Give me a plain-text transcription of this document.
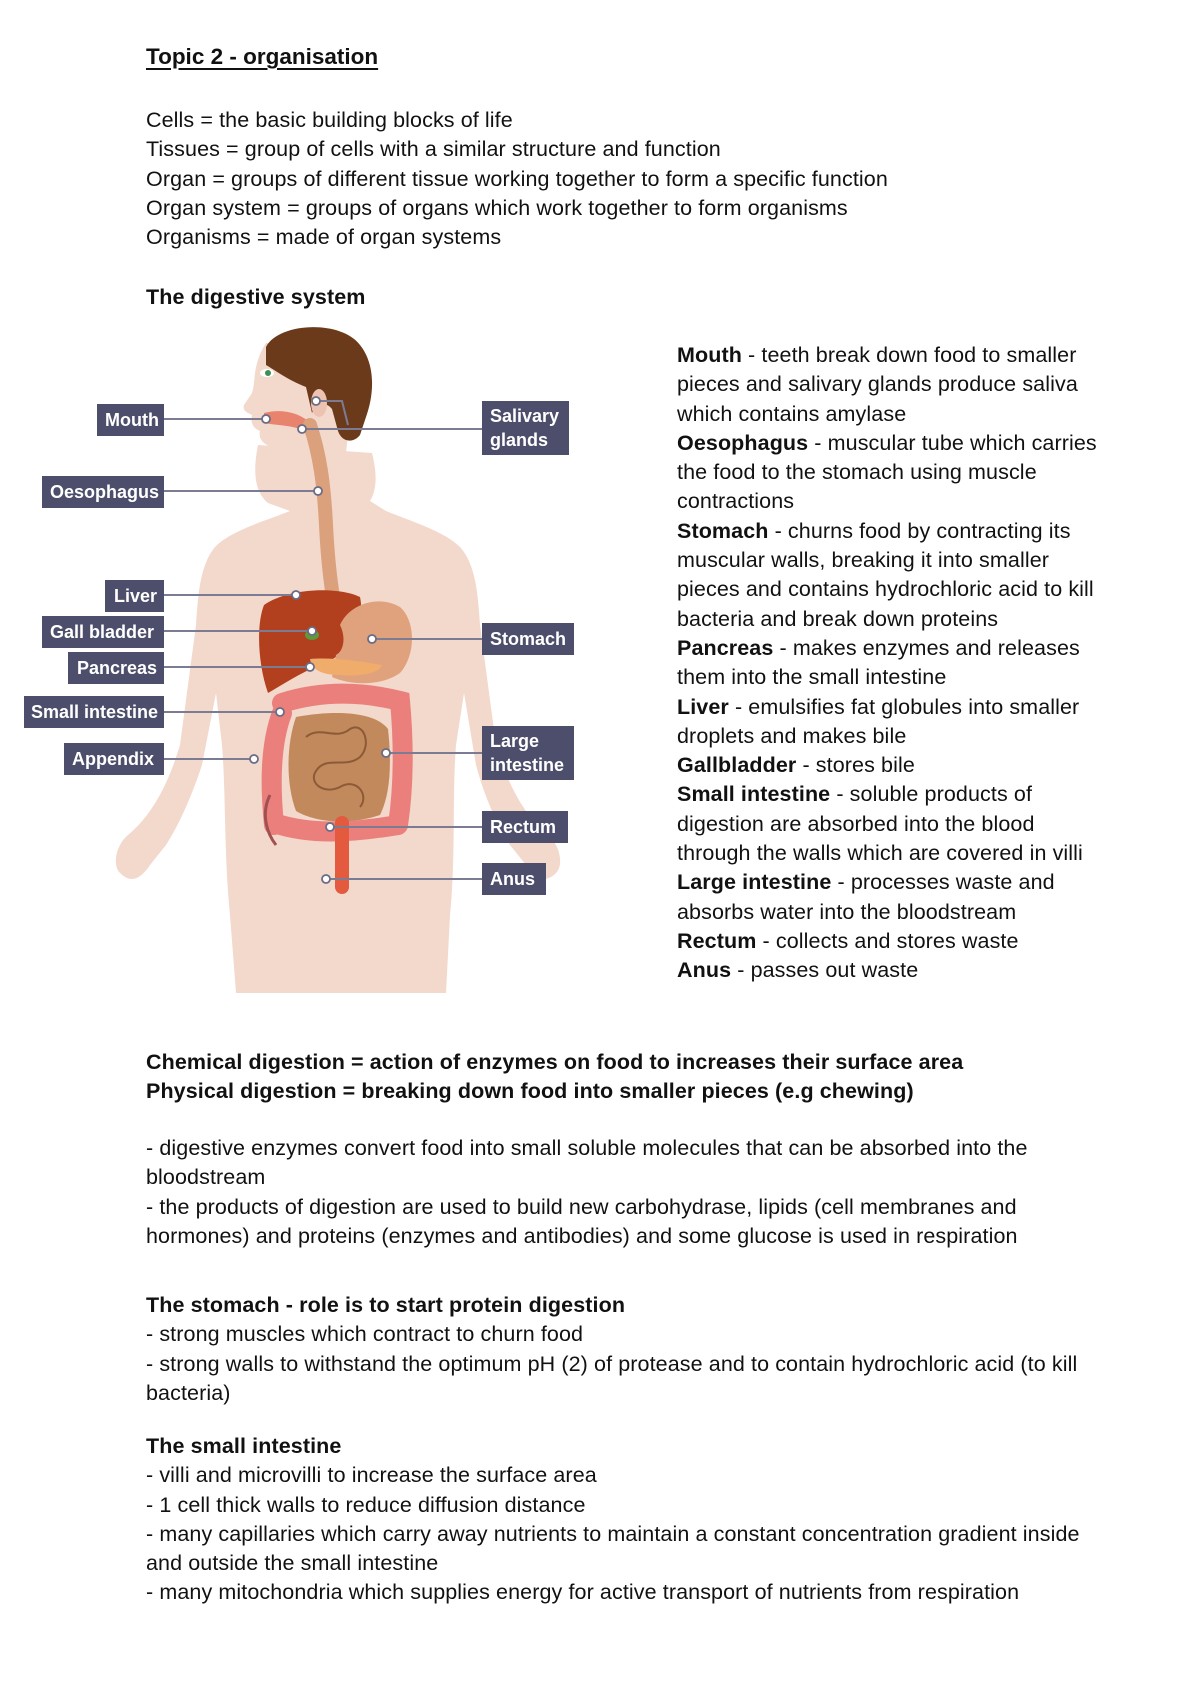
Topic 2 - organisation
Cells = the basic building blocks of life
Tissues = group of cells with a similar structure and function
Organ = groups of different tissue working together to form a specific function
Organ system = groups of organs which work together to form organisms
Organisms = made of organ systems
The digestive system
Mouth
Oesophagus
Liver
Gall bladder
Pancreas
Small intestine
Appendix
Salivary
glands
Stomach
Large
intestine
Rectum
Anus

Mouth - teeth break down food to smaller pieces and salivary glands produce saliva which contains amylase

Oesophagus - muscular tube which carries the food to the stomach using muscle contractions

Stomach - churns food by contracting its muscular walls, breaking it into smaller pieces and contains hydrochloric acid to kill bacteria and break down proteins

Pancreas - makes enzymes and releases them into the small intestine

Liver - emulsifies fat globules into smaller droplets and makes bile

Gallbladder - stores bile

Small intestine - soluble products of digestion are absorbed into the blood through the walls which are covered in villi

Large intestine - processes waste and absorbs water into the bloodstream

Rectum - collects and stores waste

Anus - passes out waste

Chemical digestion = action of enzymes on food to increases their surface area

Physical digestion = breaking down food into smaller pieces (e.g chewing)

- digestive enzymes convert food into small soluble molecules that can be absorbed into the bloodstream

- the products of digestion are used to build new carbohydrase, lipids (cell membranes and hormones) and proteins (enzymes and antibodies) and some glucose is used in respiration

The stomach - role is to start protein digestion

- strong muscles which contract to churn food

- strong walls to withstand the optimum pH (2) of protease and to contain hydrochloric acid (to kill bacteria)

The small intestine

- villi and microvilli to increase the surface area

- 1 cell thick walls to reduce diffusion distance

- many capillaries which carry away nutrients to maintain a constant concentration gradient inside and outside the small intestine

- many mitochondria which supplies energy for active transport of nutrients from respiration
